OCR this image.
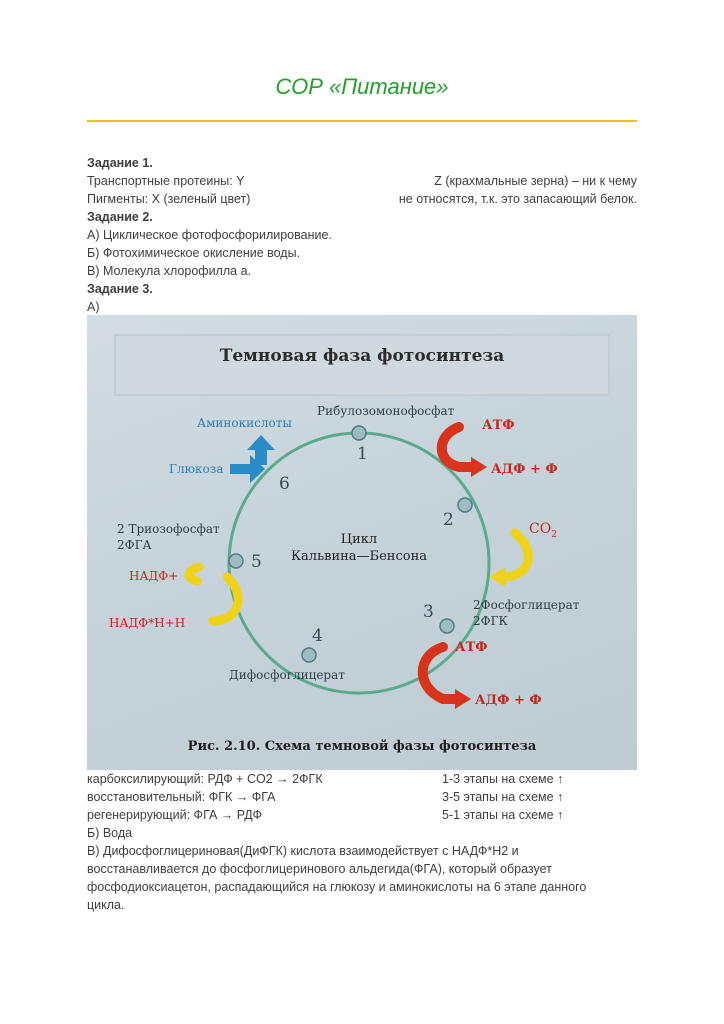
СОР «Питание»
Задание 1.
Транспортные протеины: Y
Пигменты: X (зеленый цвет)
Z (крахмальные зерна) – ни к чему
не относятся, т.к. это запасающий белок.
Задание 2.
А) Циклическое фотофосфорилирование.
Б) Фотохимическое окисление воды.
В) Молекула хлорофилла а.
Задание 3.
А)
Темновая фаза фотосинтеза
1
2
3
4
5
6
Цикл
Кальвина—Бенсона
Рибулозомонофосфат
Аминокислоты
Глюкоза
2 Триозофосфат
2ФГА
2Фосфоглицерат
2ФГК
Дифосфоглицерат
АТФ
АДФ + Ф
$CO_2$
АТФ
АДФ + Ф
НАДФ+
НАДФ*Н+Н
Рис. 2.10. Схема темновой фазы фотосинтеза
карбоксилирующий: РДФ + CO2 → 2ФГК	1-3 этапы на схеме ↑
восстановительный: ФГК → ФГА	3-5 этапы на схеме ↑
регенерирующий: ФГА → РДФ	5-1 этапы на схеме ↑
Б) Вода
В) Дифосфоглицериновая(ДиФГК) кислота взаимодействует с НАДФ*Н2 и
восстанавливается до фосфоглицеринового альдегида(ФГА), который образует
фосфодиоксиацетон, распадающийся на глюкозу и аминокислоты на 6 этапе данного
цикла.
